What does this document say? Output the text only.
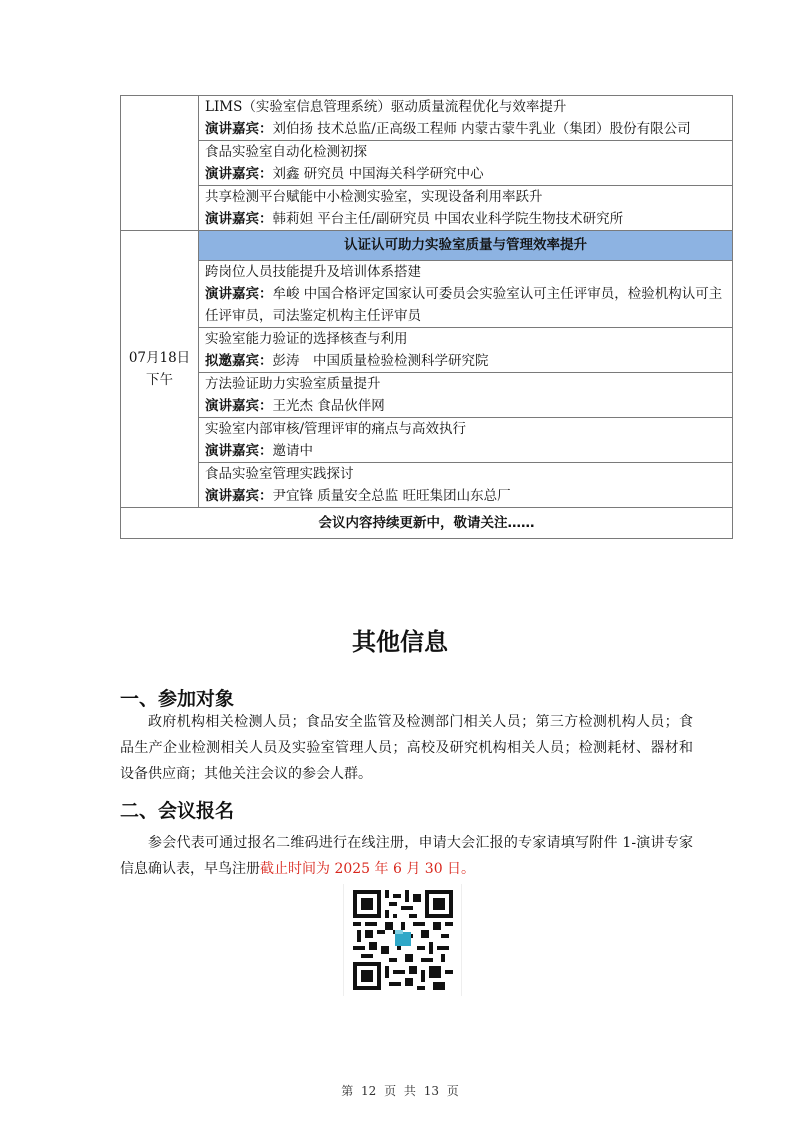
	LIMS（实验室信息管理系统）驱动质量流程优化与效率提升
演讲嘉宾：刘伯扬 技术总监/正高级工程师 内蒙古蒙牛乳业（集团）股份有限公司

	食品实验室自动化检测初探
演讲嘉宾：刘鑫 研究员 中国海关科学研究中心

	共享检测平台赋能中小检测实验室，实现设备利用率跃升
演讲嘉宾：韩莉妲 平台主任/副研究员 中国农业科学院生物技术研究所

07月18日
下午	认证认可助力实验室质量与管理效率提升

	跨岗位人员技能提升及培训体系搭建
演讲嘉宾：牟峻 中国合格评定国家认可委员会实验室认可主任评审员，检验机构认可主任评审员，司法鉴定机构主任评审员

	实验室能力验证的选择核查与利用
拟邀嘉宾：彭涛　中国质量检验检测科学研究院

	方法验证助力实验室质量提升
演讲嘉宾：王光杰 食品伙伴网

	实验室内部审核/管理评审的痛点与高效执行
演讲嘉宾：邀请中

	食品实验室管理实践探讨
演讲嘉宾：尹宜锋 质量安全总监 旺旺集团山东总厂

会议内容持续更新中，敬请关注……	
其他信息
一、参加对象

政府机构相关检测人员；食品安全监管及检测部门相关人员；第三方检测机构人员；食品生产企业检测相关人员及实验室管理人员；高校及研究机构相关人员；检测耗材、器材和设备供应商；其他关注会议的参会人群。

二、会议报名

参会代表可通过报名二维码进行在线注册，申请大会汇报的专家请填写附件 1-演讲专家信息确认表，早鸟注册截止时间为 2025 年 6 月 30 日。

第 12 页 共 13 页
